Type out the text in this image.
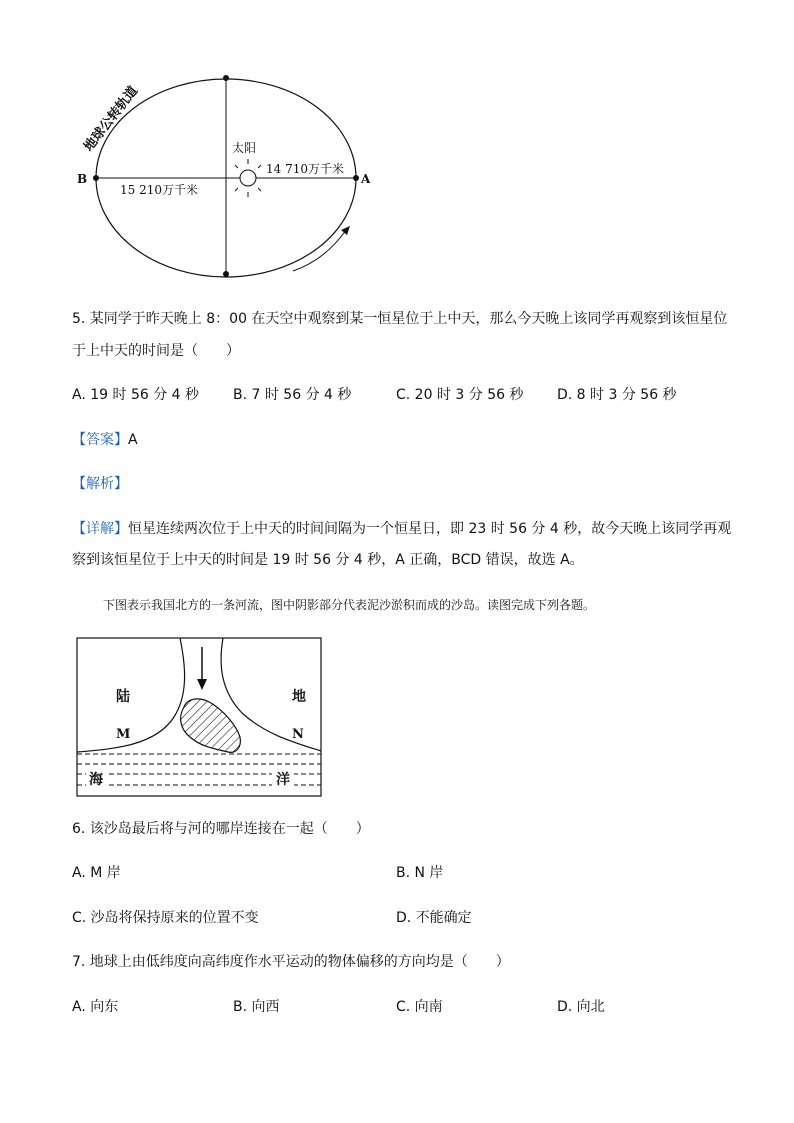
地球公转轨道	太阳
B	A
15 210万千米
14 710万千米
5. 某同学于昨天晚上 8：00 在天空中观察到某一恒星位于上中天，那么今天晚上该同学再观察到该恒星位
于上中天的时间是（　　）
A. 19 时 56 分 4 秒 B. 7 时 56 分 4 秒	C. 20 时 3 分 56 秒 D. 8 时 3 分 56 秒
【答案】A
【解析】
【详解】恒星连续两次位于上中天的时间间隔为一个恒星日，即 23 时 56 分 4 秒，故今天晚上该同学再观
察到该恒星位于上中天的时间是 19 时 56 分 4 秒，A 正确，BCD 错误，故选 A。
下图表示我国北方的一条河流，图中阴影部分代表泥沙淤积而成的沙岛。读图完成下列各题。
陆	地
M	N
海	洋
6. 该沙岛最后将与河的哪岸连接在一起（　　）
A. M 岸	B. N 岸
C. 沙岛将保持原来的位置不变	D. 不能确定
7. 地球上由低纬度向高纬度作水平运动的物体偏移的方向均是（　　）
A. 向东	B. 向西	C. 向南	D. 向北
